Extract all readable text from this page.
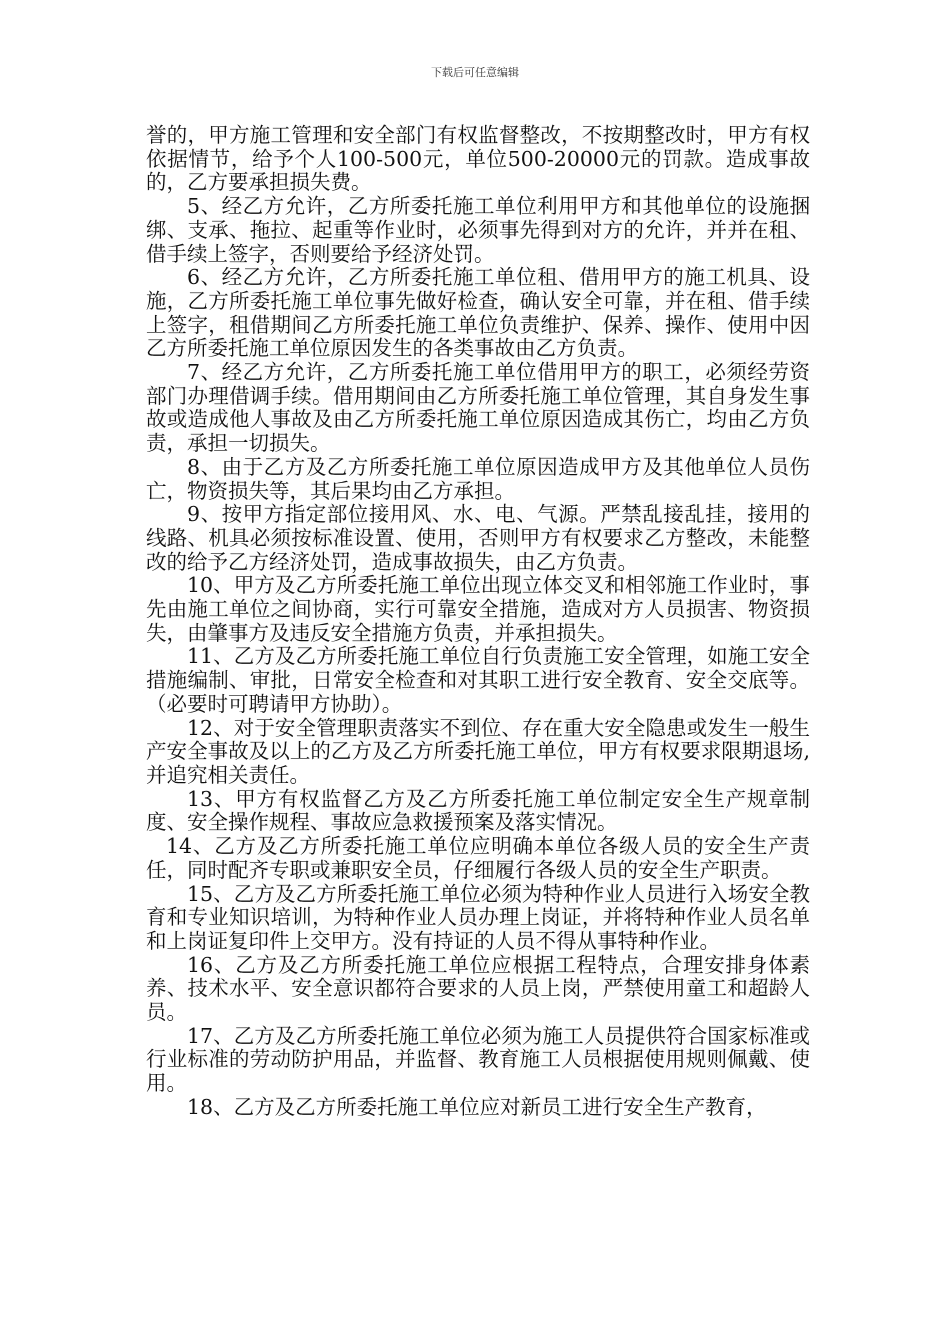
下载后可任意编辑

誉的，甲方施工管理和安全部门有权监督整改，不按期整改时，甲方有权依据情节，给予个人100-500元，单位500-20000元的罚款。造成事故的，乙方要承担损失费。

5、经乙方允许，乙方所委托施工单位利用甲方和其他单位的设施捆绑、支承、拖拉、起重等作业时，必须事先得到对方的允许，并并在租、借手续上签字，否则要给予经济处罚。

6、经乙方允许，乙方所委托施工单位租、借用甲方的施工机具、设施，乙方所委托施工单位事先做好检查，确认安全可靠，并在租、借手续上签字，租借期间乙方所委托施工单位负责维护、保养、操作、使用中因乙方所委托施工单位原因发生的各类事故由乙方负责。

7、经乙方允许，乙方所委托施工单位借用甲方的职工，必须经劳资部门办理借调手续。借用期间由乙方所委托施工单位管理，其自身发生事故或造成他人事故及由乙方所委托施工单位原因造成其伤亡，均由乙方负责，承担一切损失。

8、由于乙方及乙方所委托施工单位原因造成甲方及其他单位人员伤亡，物资损失等，其后果均由乙方承担。

9、按甲方指定部位接用风、水、电、气源。严禁乱接乱挂，接用的线路、机具必须按标准设置、使用，否则甲方有权要求乙方整改，未能整改的给予乙方经济处罚，造成事故损失，由乙方负责。

10、甲方及乙方所委托施工单位出现立体交叉和相邻施工作业时，事先由施工单位之间协商，实行可靠安全措施，造成对方人员损害、物资损失，由肇事方及违反安全措施方负责，并承担损失。

11、乙方及乙方所委托施工单位自行负责施工安全管理，如施工安全措施编制、审批，日常安全检查和对其职工进行安全教育、安全交底等。（必要时可聘请甲方协助）。

12、对于安全管理职责落实不到位、存在重大安全隐患或发生一般生产安全事故及以上的乙方及乙方所委托施工单位，甲方有权要求限期退场,并追究相关责任。

13、甲方有权监督乙方及乙方所委托施工单位制定安全生产规章制度、安全操作规程、事故应急救援预案及落实情况。

14、乙方及乙方所委托施工单位应明确本单位各级人员的安全生产责任，同时配齐专职或兼职安全员，仔细履行各级人员的安全生产职责。

15、乙方及乙方所委托施工单位必须为特种作业人员进行入场安全教育和专业知识培训，为特种作业人员办理上岗证，并将特种作业人员名单和上岗证复印件上交甲方。没有持证的人员不得从事特种作业。

16、乙方及乙方所委托施工单位应根据工程特点，合理安排身体素养、技术水平、安全意识都符合要求的人员上岗，严禁使用童工和超龄人员。

17、乙方及乙方所委托施工单位必须为施工人员提供符合国家标准或行业标准的劳动防护用品，并监督、教育施工人员根据使用规则佩戴、使用。

18、乙方及乙方所委托施工单位应对新员工进行安全生产教育，
